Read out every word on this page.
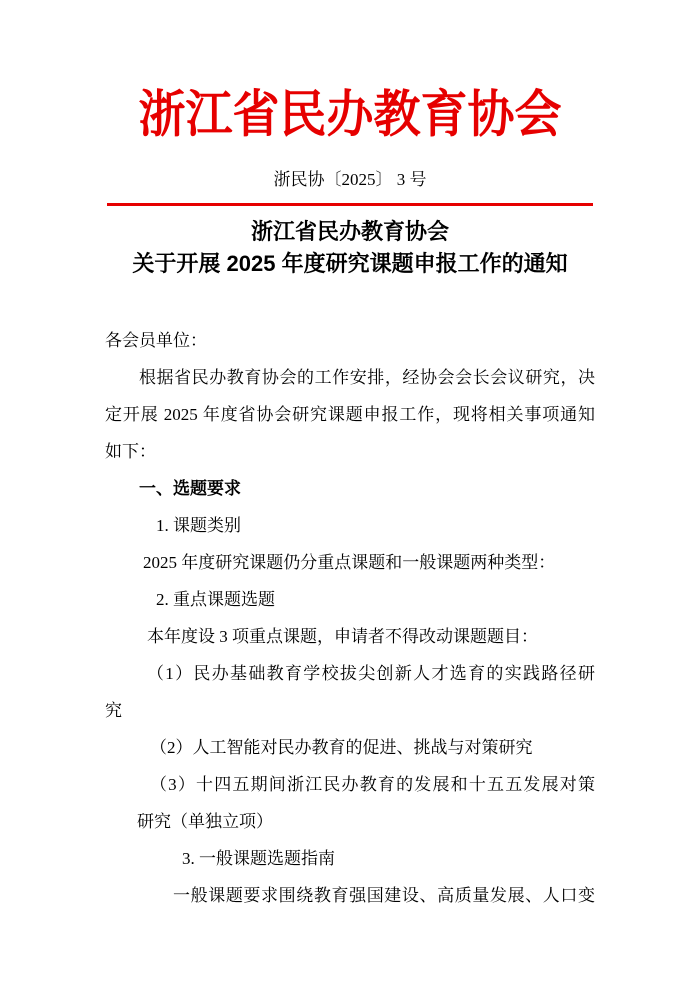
浙江省民办教育协会
浙民协〔2025〕 3 号
浙江省民办教育协会
关于开展 2025 年度研究课题申报工作的通知
各会员单位：
根据省民办教育协会的工作安排，经协会会长会议研究，决
定开展 2025 年度省协会研究课题申报工作，现将相关事项通知
如下：
一、选题要求
1. 课题类别
2025 年度研究课题仍分重点课题和一般课题两种类型：
2. 重点课题选题
本年度设 3 项重点课题，申请者不得改动课题题目：
（1）民办基础教育学校拔尖创新人才选育的实践路径研
究
（2）人工智能对民办教育的促进、挑战与对策研究
（3）十四五期间浙江民办教育的发展和十五五发展对策
研究（单独立项）
3. 一般课题选题指南
一般课题要求围绕教育强国建设、高质量发展、人口变
